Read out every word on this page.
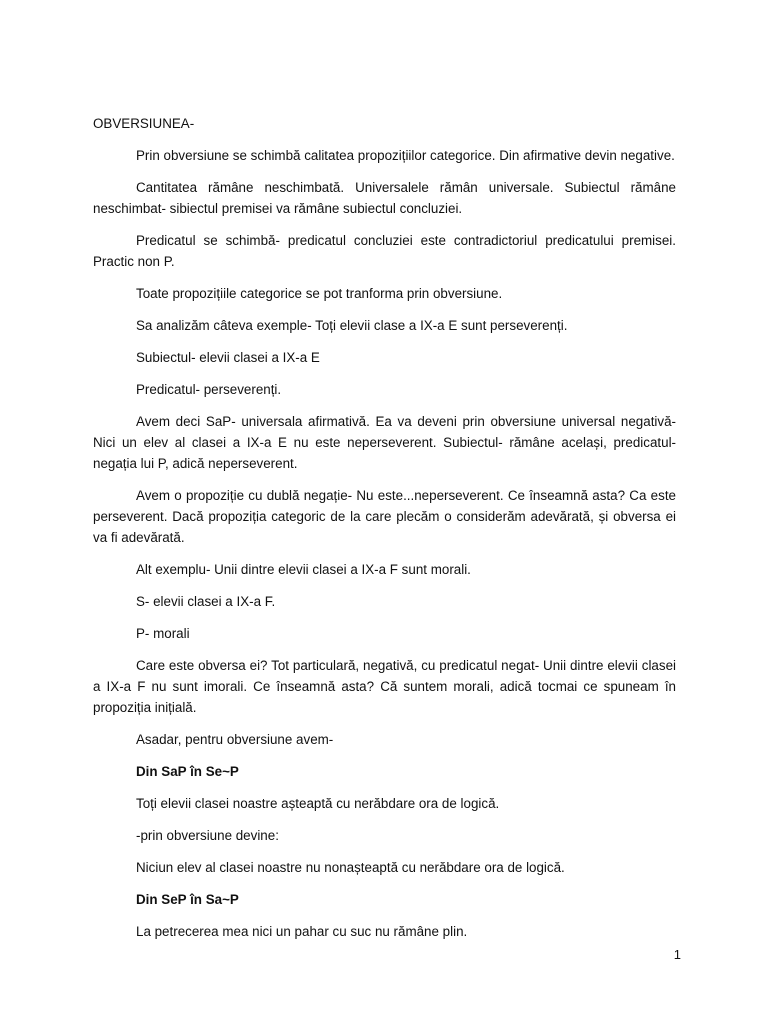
OBVERSIUNEA-

Prin obversiune se schimbă calitatea propozițiilor categorice. Din afirmative devin negative.

Cantitatea rămâne neschimbată. Universalele rămân universale. Subiectul rămâne neschimbat- sibiectul premisei va rămâne subiectul concluziei.

Predicatul se schimbă- predicatul concluziei este contradictoriul predicatului premisei. Practic non P.

Toate propozițiile categorice se pot tranforma prin obversiune.

Sa analizăm câteva exemple- Toți elevii clase a IX-a E sunt perseverenți.

Subiectul- elevii clasei a IX-a E

Predicatul- perseverenți.

Avem deci SaP- universala afirmativă. Ea va deveni prin obversiune universal negativă- Nici un elev al clasei a IX-a E nu este neperseverent. Subiectul- rămâne același, predicatul- negația lui P, adică neperseverent.

Avem o propoziție cu dublă negație- Nu este...neperseverent. Ce înseamnă asta? Ca este perseverent. Dacă propoziția categoric de la care plecăm o considerăm adevărată, și obversa ei va fi adevărată.

Alt exemplu- Unii dintre elevii clasei a IX-a F sunt morali.

S- elevii clasei a IX-a F.

P- morali

Care este obversa ei? Tot particulară, negativă, cu predicatul negat- Unii dintre elevii clasei a IX-a F nu sunt imorali. Ce înseamnă asta? Că suntem morali, adică tocmai ce spuneam în propoziția inițială.

Asadar, pentru obversiune avem-

Din SaP în Se~P

Toți elevii clasei noastre așteaptă cu nerăbdare ora de logică.

-prin obversiune devine:

Niciun elev al clasei noastre nu nonașteaptă cu nerăbdare ora de logică.

Din SeP în Sa~P

La petrecerea mea nici un pahar cu suc nu rămâne plin.

1
